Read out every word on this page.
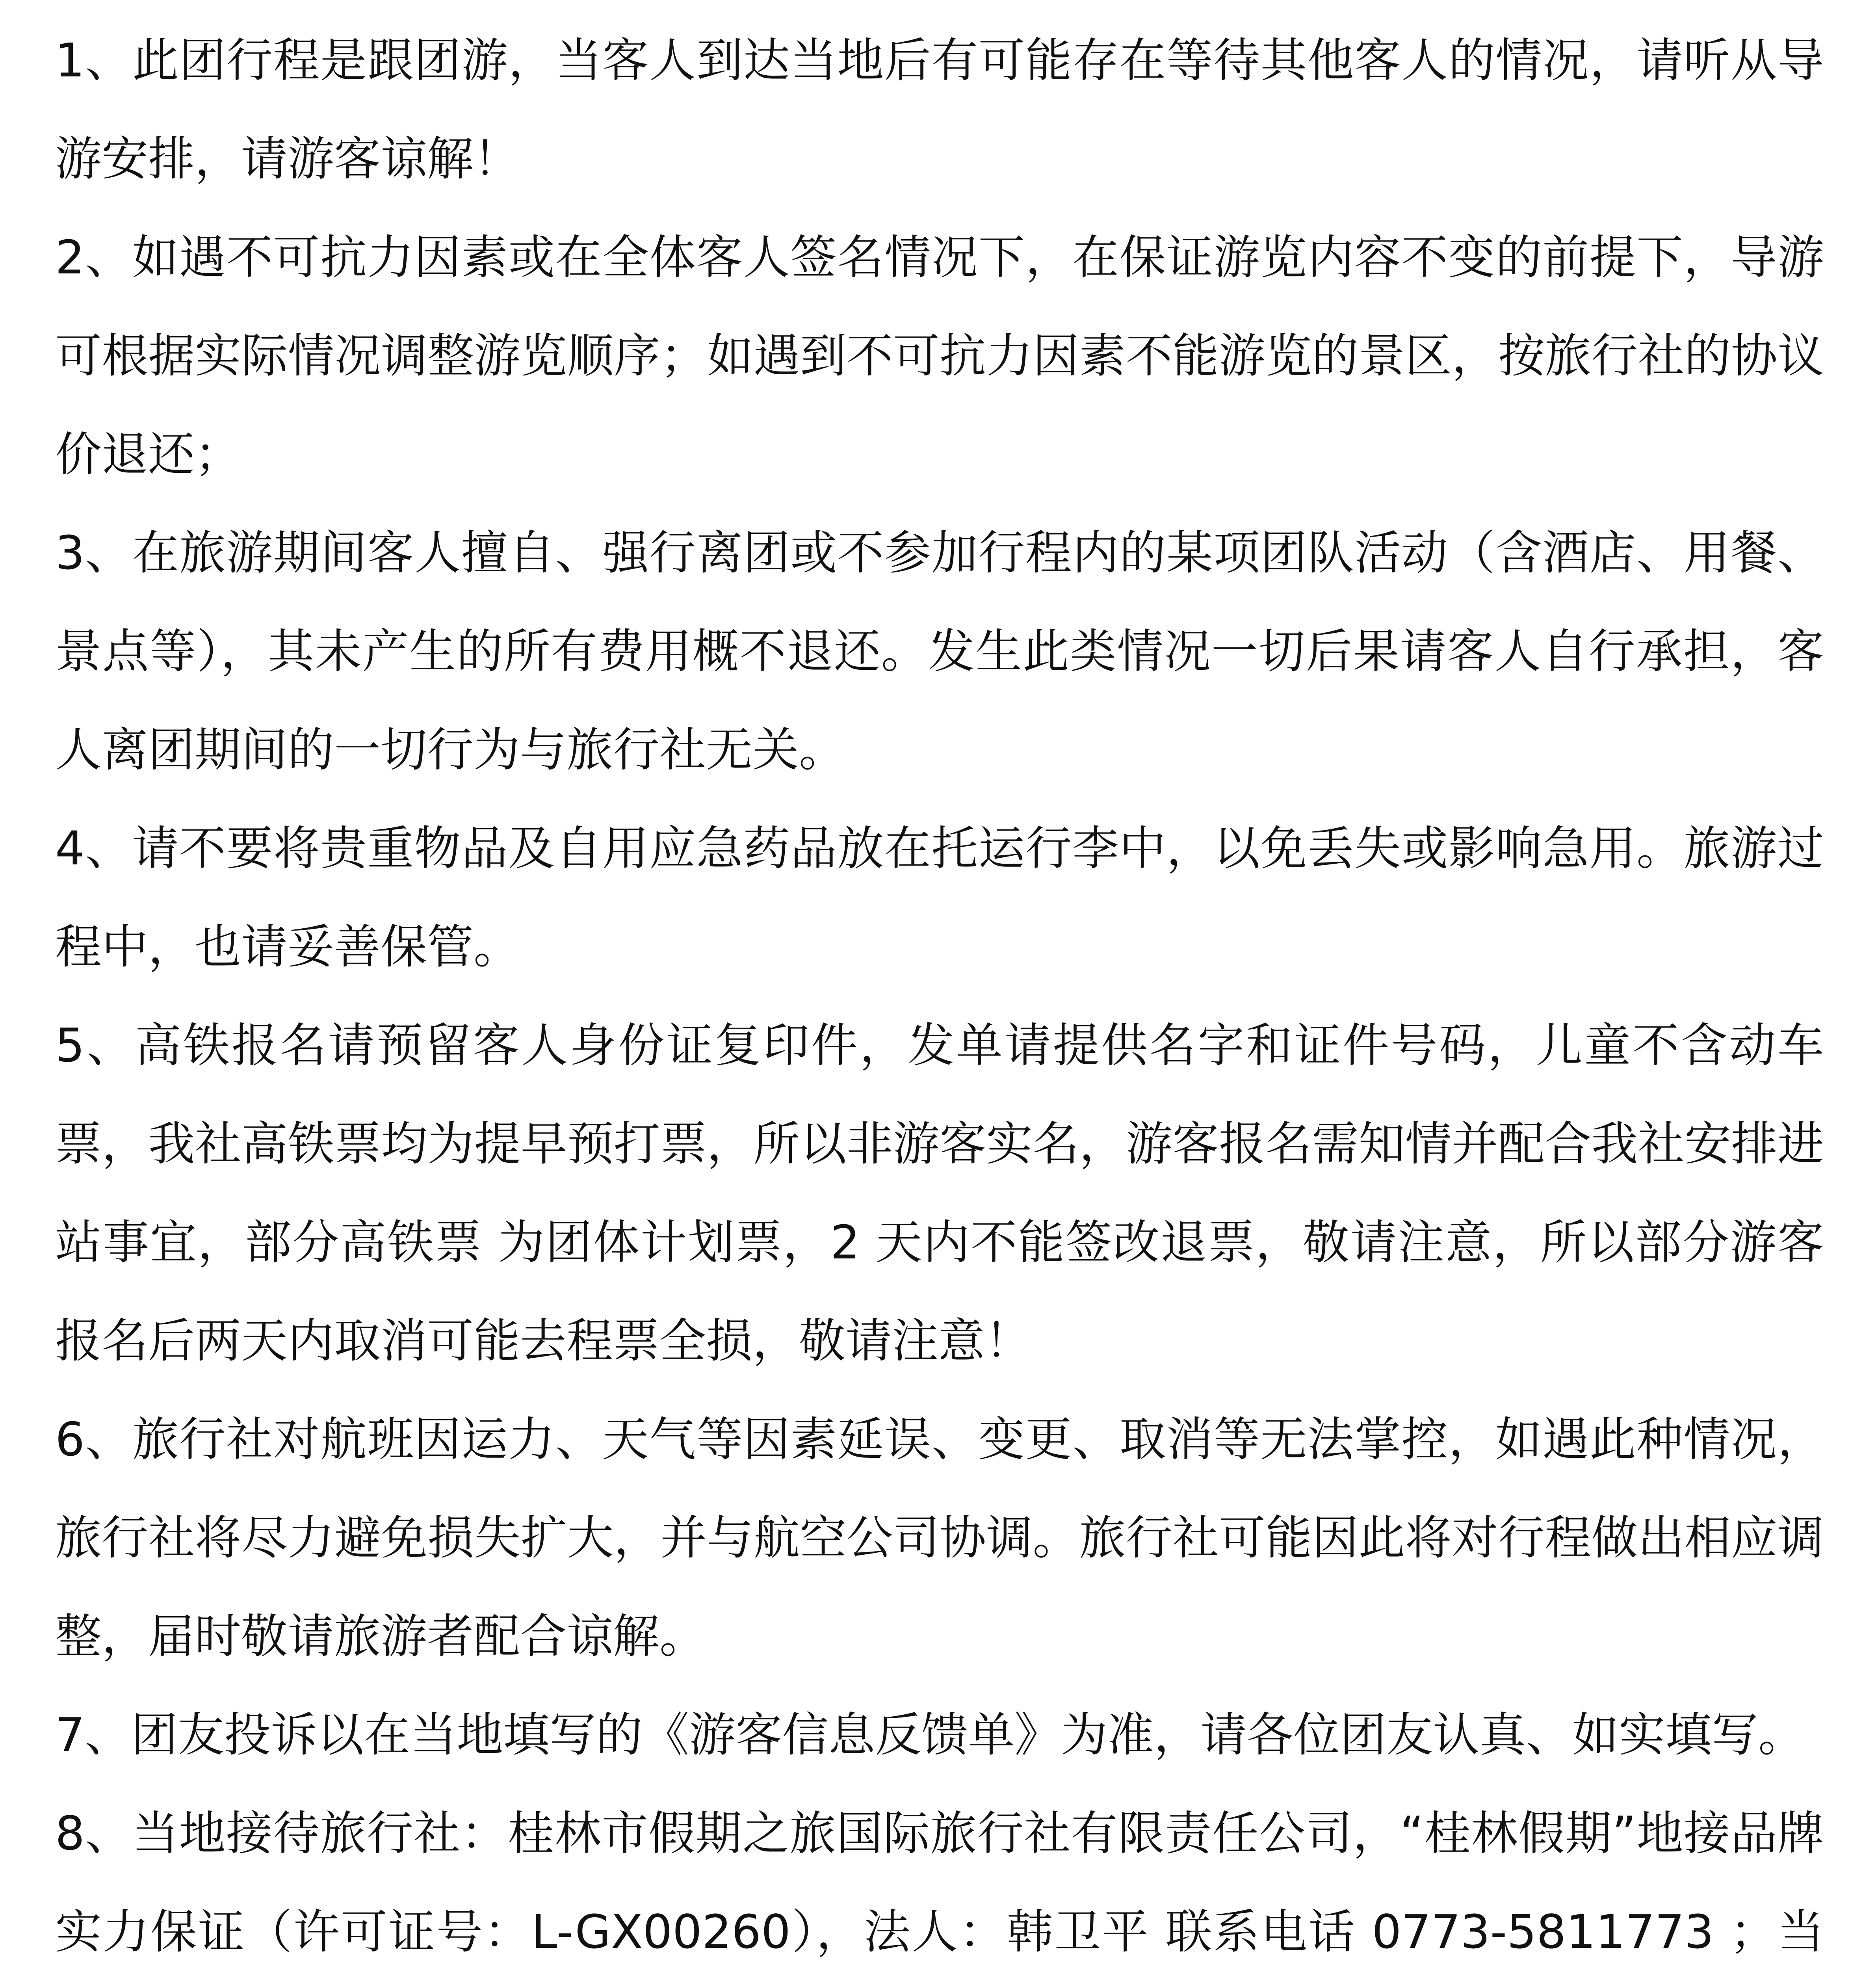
1、此团行程是跟团游，当客人到达当地后有可能存在等待其他客人的情况，请听从导游安排，请游客谅解！
2、如遇不可抗力因素或在全体客人签名情况下，在保证游览内容不变的前提下，导游可根据实际情况调整游览顺序；如遇到不可抗力因素不能游览的景区，按旅行社的协议价退还；
3、在旅游期间客人擅自、强行离团或不参加行程内的某项团队活动（含酒店、用餐、景点等），其未产生的所有费用概不退还。发生此类情况一切后果请客人自行承担，客人离团期间的一切行为与旅行社无关。
4、请不要将贵重物品及自用应急药品放在托运行李中，以免丢失或影响急用。旅游过程中，也请妥善保管。
5、高铁报名请预留客人身份证复印件，发单请提供名字和证件号码，儿童不含动车票，我社高铁票均为提早预打票，所以非游客实名，游客报名需知情并配合我社安排进站事宜，部分高铁票 为团体计划票，2 天内不能签改退票，敬请注意，所以部分游客报名后两天内取消可能去程票全损，敬请注意！
6、旅行社对航班因运力、天气等因素延误、变更、取消等无法掌控，如遇此种情况，旅行社将尽力避免损失扩大，并与航空公司协调。旅行社可能因此将对行程做出相应调整，届时敬请旅游者配合谅解。
7、团友投诉以在当地填写的《游客信息反馈单》为准，请各位团友认真、如实填写。
8、当地接待旅行社：桂林市假期之旅国际旅行社有限责任公司，“桂林假期”地接品牌实力保证（许可证号：L-GX00260），法人：韩卫平 联系电话 0773-5811773 ；当
